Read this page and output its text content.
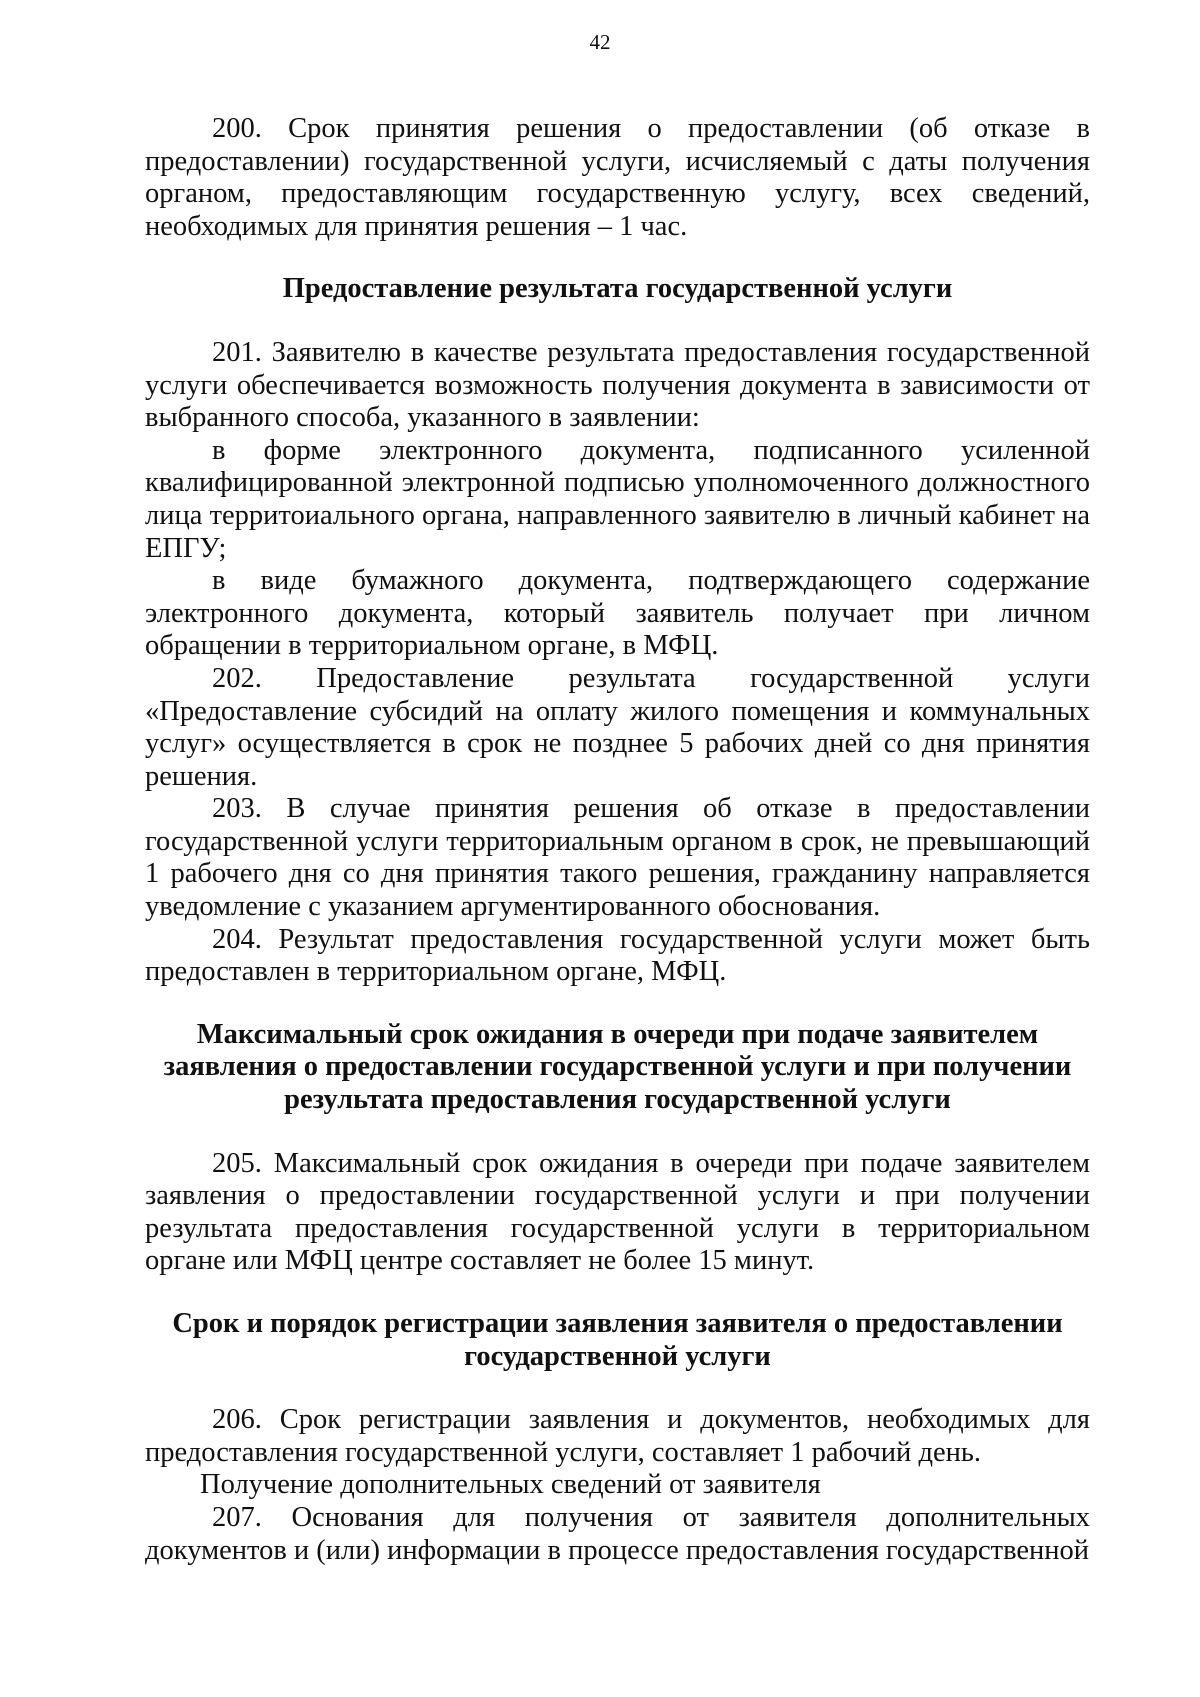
42

200. Срок принятия решения о предоставлении (об отказе в предоставлении) государственной услуги, исчисляемый с даты получения органом, предоставляющим государственную услугу, всех сведений, необходимых для принятия решения – 1 час.

Предоставление результата государственной услуги

201. Заявителю в качестве результата предоставления государственной услуги обеспечивается возможность получения документа в зависимости от выбранного способа, указанного в заявлении:

в форме электронного документа, подписанного усиленной квалифицированной электронной подписью уполномоченного должностного лица территоиального органа, направленного заявителю в личный кабинет на ЕПГУ;

в виде бумажного документа, подтверждающего содержание электронного документа, который заявитель получает при личном обращении в территориальном органе, в МФЦ.

202. Предоставление результата государственной услуги «Предоставление субсидий на оплату жилого помещения и коммунальных услуг» осуществляется в срок не позднее 5 рабочих дней со дня принятия решения.

203. В случае принятия решения об отказе в предоставлении государственной услуги территориальным органом в срок, не превышающий 1 рабочего дня со дня принятия такого решения, гражданину направляется уведомление с указанием аргументированного обоснования.

204. Результат предоставления государственной услуги может быть предоставлен в территориальном органе, МФЦ.

Максимальный срок ожидания в очереди при подаче заявителем

заявления о предоставлении государственной услуги и при получении

результата предоставления государственной услуги

205. Максимальный срок ожидания в очереди при подаче заявителем заявления о предоставлении государственной услуги и при получении результата предоставления государственной услуги в территориальном органе или МФЦ центре составляет не более 15 минут.

Срок и порядок регистрации заявления заявителя о предоставлении

государственной услуги

206. Срок регистрации заявления и документов, необходимых для предоставления государственной услуги, составляет 1 рабочий день.

Получение дополнительных сведений от заявителя

207. Основания для получения от заявителя дополнительных документов и (или) информации в процессе предоставления государственной
